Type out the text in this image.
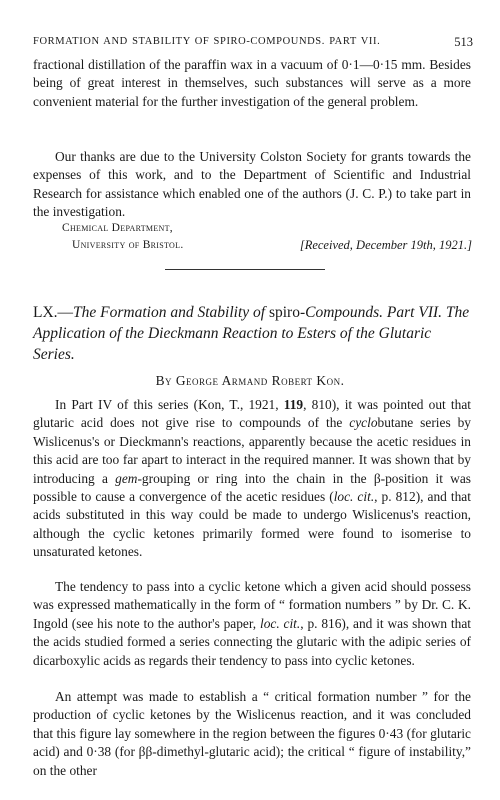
FORMATION AND STABILITY OF SPIRO-COMPOUNDS. PART VII.	513

fractional distillation of the paraffin wax in a vacuum of 0·1—0·15 mm. Besides being of great interest in themselves, such substances will serve as a more convenient material for the further investigation of the general problem.

Our thanks are due to the University Colston Society for grants towards the expenses of this work, and to the Department of Scientific and Industrial Research for assistance which enabled one of the authors (J. C. P.) to take part in the investigation.

Chemical Department,
University of Bristol.	[Received, December 19th, 1921.]
LX.—The Formation and Stability of spiro-Compounds. Part VII. The Application of the Dieckmann Reaction to Esters of the Glutaric Series.
By George Armand Robert Kon.

In Part IV of this series (Kon, T., 1921, 119, 810), it was pointed out that glutaric acid does not give rise to compounds of the cyclobutane series by Wislicenus's or Dieckmann's reactions, apparently because the acetic residues in this acid are too far apart to interact in the required manner. It was shown that by introducing a gem-grouping or ring into the chain in the β-position it was possible to cause a convergence of the acetic residues (loc. cit., p. 812), and that acids substituted in this way could be made to undergo Wislicenus's reaction, although the cyclic ketones primarily formed were found to isomerise to unsaturated ketones.

The tendency to pass into a cyclic ketone which a given acid should possess was expressed mathematically in the form of “ formation numbers ” by Dr. C. K. Ingold (see his note to the author's paper, loc. cit., p. 816), and it was shown that the acids studied formed a series connecting the glutaric with the adipic series of dicarboxylic acids as regards their tendency to pass into cyclic ketones.

An attempt was made to establish a “ critical formation number ” for the production of cyclic ketones by the Wislicenus reaction, and it was concluded that this figure lay somewhere in the region between the figures 0·43 (for glutaric acid) and 0·38 (for ββ-dimethyl-glutaric acid); the critical “ figure of instability,” on the other
